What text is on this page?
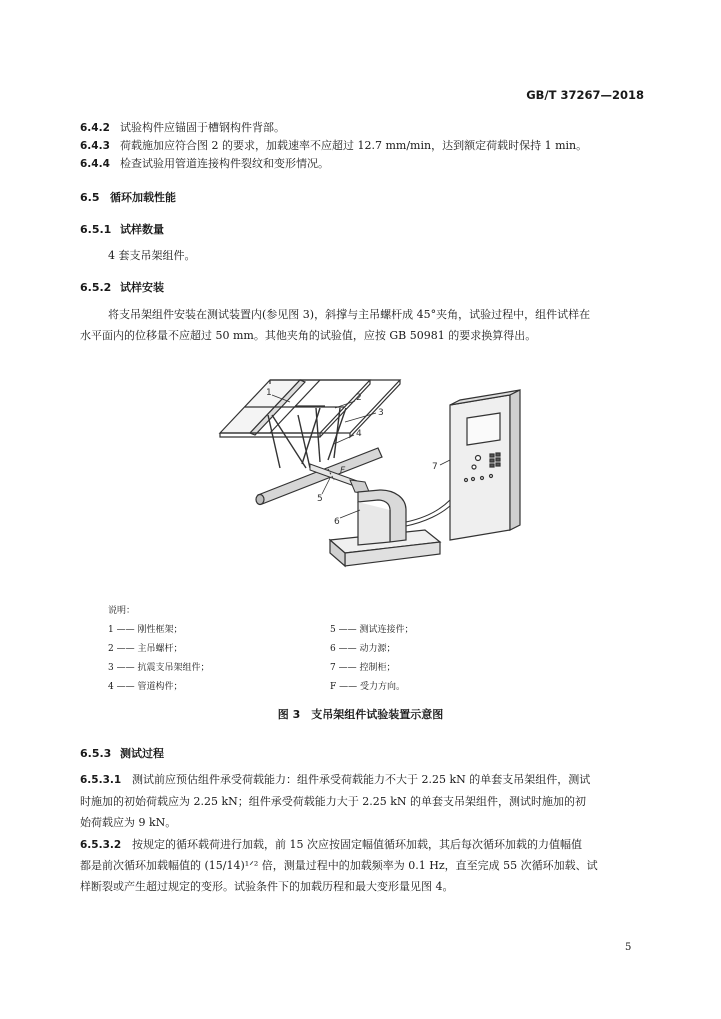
GB/T 37267—2018
6.4.2 试验构件应锚固于槽钢构件背部。
6.4.3 荷载施加应符合图 2 的要求，加载速率不应超过 12.7 mm/min，达到额定荷载时保持 1 min。
6.4.4 检查试验用管道连接构件裂纹和变形情况。
6.5 循环加载性能
6.5.1 试样数量
4 套支吊架组件。
6.5.2 试样安装
将支吊架组件安装在测试装置内(参见图 3)，斜撑与主吊螺杆成 45°夹角，试验过程中，组件试样在
水平面内的位移量不应超过 50 mm。其他夹角的试验值，应按 GB 50981 的要求换算得出。
1	2
3
4
5
6
7
F
说明：
1 —— 刚性框架；
2 —— 主吊螺杆；
3 —— 抗震支吊架组件；
4 —— 管道构件；
5 —— 测试连接件；
6 —— 动力源；
7 —— 控制柜；
F —— 受力方向。
图 3　支吊架组件试验装置示意图
6.5.3 测试过程
6.5.3.1 测试前应预估组件承受荷载能力：组件承受荷载能力不大于 2.25 kN 的单套支吊架组件，测试
时施加的初始荷载应为 2.25 kN；组件承受荷载能力大于 2.25 kN 的单套支吊架组件，测试时施加的初
始荷载应为 9 kN。
6.5.3.2 按规定的循环载荷进行加载，前 15 次应按固定幅值循环加载，其后每次循环加载的力值幅值
都是前次循环加载幅值的 (15/14)¹ᐟ² 倍，测量过程中的加载频率为 0.1 Hz，直至完成 55 次循环加载、试
样断裂或产生超过规定的变形。试验条件下的加载历程和最大变形量见图 4。
5
